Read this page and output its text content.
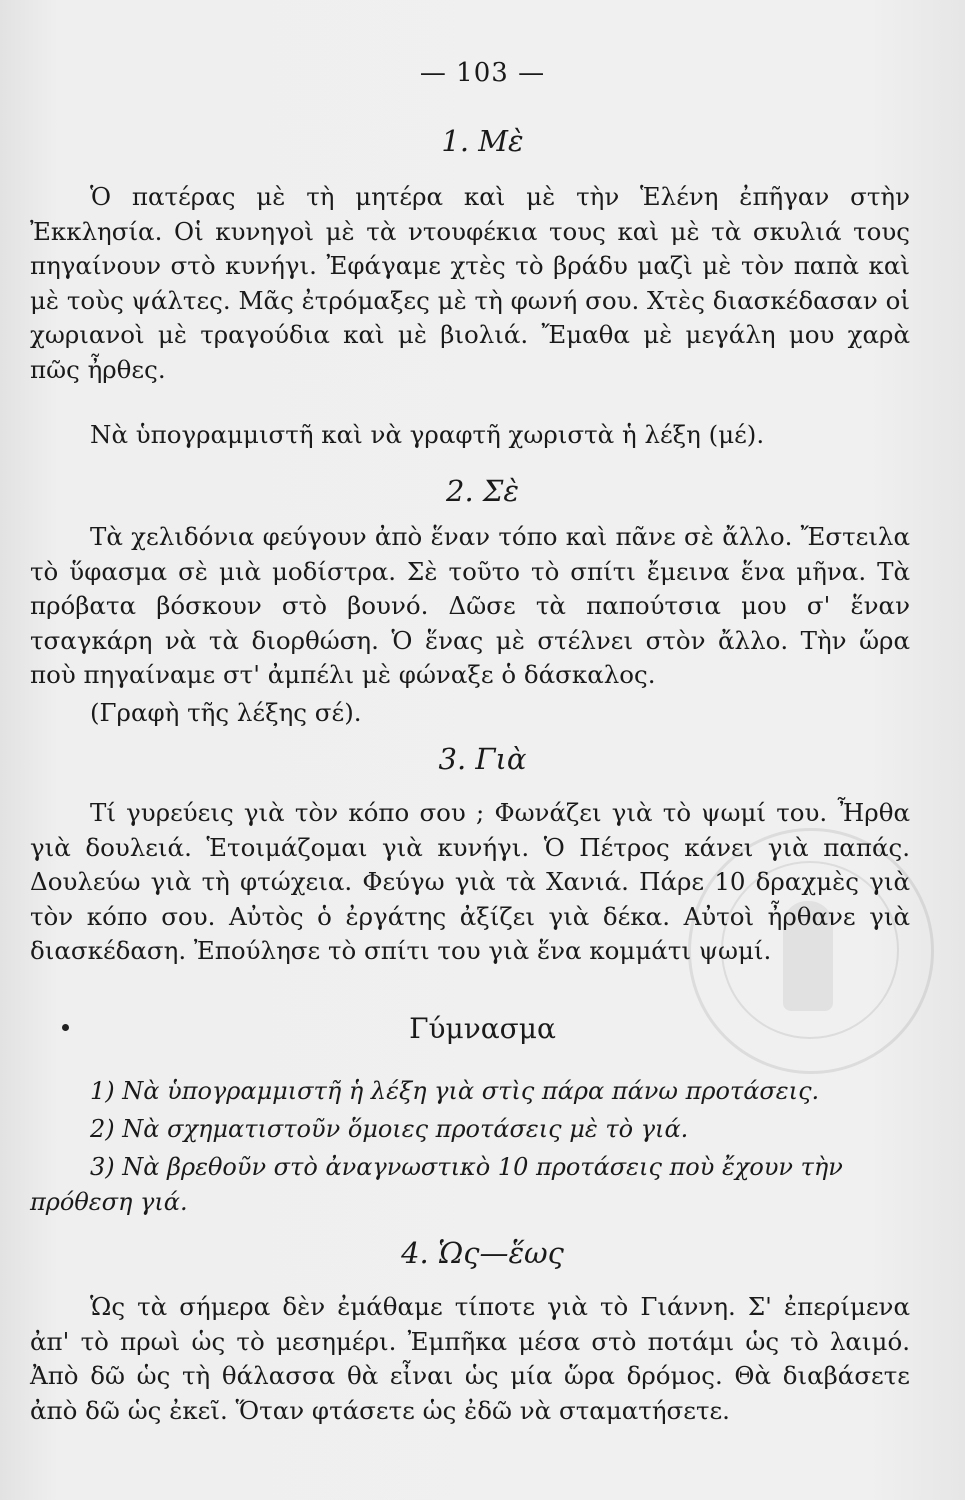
— 103 —
1. Μὲ

Ὁ πατέρας μὲ τὴ μητέρα καὶ μὲ τὴν Ἑλένη ἐπῆγαν στὴν Ἐκκλησία. Οἱ κυνηγοὶ μὲ τὰ ντουφέκια τους καὶ μὲ τὰ σκυλιά τους πηγαίνουν στὸ κυνήγι. Ἐφάγαμε χτὲς τὸ βράδυ μαζὶ μὲ τὸν παπὰ καὶ μὲ τοὺς ψάλτες. Μᾶς ἐτρόμαξες μὲ τὴ φωνή σου. Χτὲς διασκέδασαν οἱ χωριανοὶ μὲ τραγούδια καὶ μὲ βιολιά. Ἔμαθα μὲ μεγάλη μου χαρὰ πῶς ἦρθες.

Νὰ ὑπογραμμιστῆ καὶ νὰ γραφτῆ χωριστὰ ἡ λέξη (μέ).

2. Σὲ

Τὰ χελιδόνια φεύγουν ἀπὸ ἕναν τόπο καὶ πᾶνε σὲ ἄλλο. Ἔστειλα τὸ ὕφασμα σὲ μιὰ μοδίστρα. Σὲ τοῦτο τὸ σπίτι ἔμεινα ἕνα μῆνα. Τὰ πρόβατα βόσκουν στὸ βουνό. Δῶσε τὰ παπούτσια μου σ' ἕναν τσαγκάρη νὰ τὰ διορθώση. Ὁ ἕνας μὲ στέλνει στὸν ἄλλο. Τὴν ὥρα ποὺ πηγαίναμε στ' ἀμπέλι μὲ φώναξε ὁ δάσκαλος.

(Γραφὴ τῆς λέξης σέ).

3. Γιὰ

Τί γυρεύεις γιὰ τὸν κόπο σου ; Φωνάζει γιὰ τὸ ψωμί του. Ἦρθα γιὰ δουλειά. Ἑτοιμάζομαι γιὰ κυνήγι. Ὁ Πέτρος κάνει γιὰ παπάς. Δουλεύω γιὰ τὴ φτώχεια. Φεύγω γιὰ τὰ Χανιά. Πάρε 10 δραχμὲς γιὰ τὸν κόπο σου. Αὐτὸς ὁ ἐργάτης ἀξίζει γιὰ δέκα. Αὐτοὶ ἦρθανε γιὰ διασκέδαση. Ἐπούλησε τὸ σπίτι του γιὰ ἕνα κομμάτι ψωμί.

Γύμνασμα

1) Νὰ ὑπογραμμιστῆ ἡ λέξη γιὰ στὶς πάρα πάνω προτάσεις.

2) Νὰ σχηματιστοῦν ὅμοιες προτάσεις μὲ τὸ γιά.

3) Νὰ βρεθοῦν στὸ ἀναγνωστικὸ 10 προτάσεις ποὺ ἔχουν τὴν πρόθεση γιά.

4. Ὡς—ἕως

Ὡς τὰ σήμερα δὲν ἐμάθαμε τίποτε γιὰ τὸ Γιάννη. Σ' ἐπερίμενα ἀπ' τὸ πρωὶ ὡς τὸ μεσημέρι. Ἐμπῆκα μέσα στὸ ποτάμι ὡς τὸ λαιμό. Ἀπὸ δῶ ὡς τὴ θάλασσα θὰ εἶναι ὡς μία ὥρα δρόμος. Θὰ διαβάσετε ἀπὸ δῶ ὡς ἐκεῖ. Ὅταν φτάσετε ὡς ἐδῶ νὰ σταματήσετε.
